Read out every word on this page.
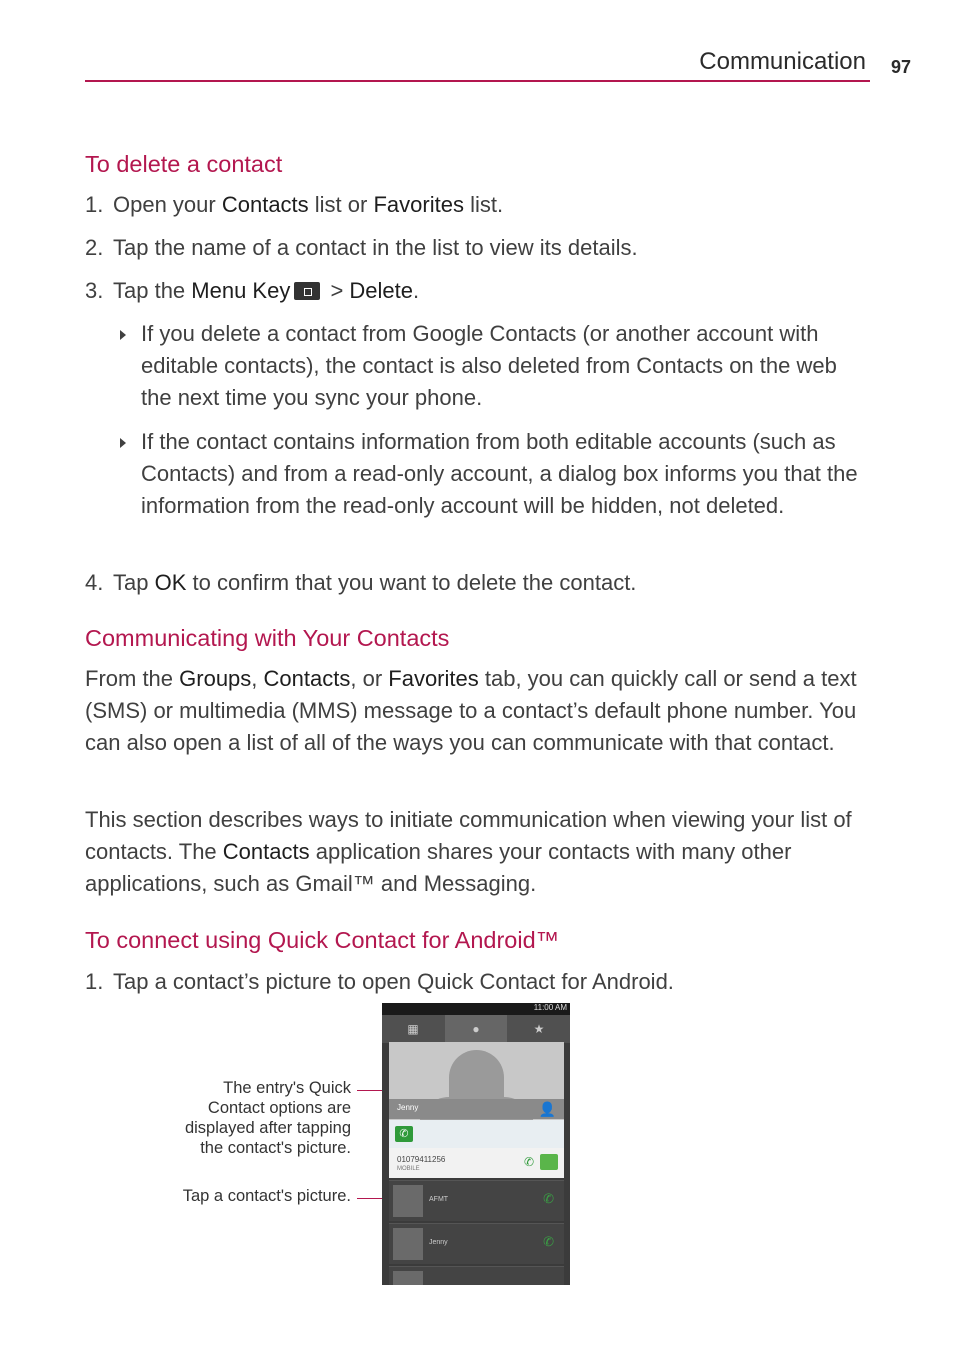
Communication 97
To delete a contact
1. Open your Contacts list or Favorites list.
2. Tap the name of a contact in the list to view its details.
3. Tap the Menu Key > Delete.
If you delete a contact from Google Contacts (or another account with editable contacts), the contact is also deleted from Contacts on the web the next time you sync your phone.
If the contact contains information from both editable accounts (such as Contacts) and from a read-only account, a dialog box informs you that the information from the read-only account will be hidden, not deleted.
4. Tap OK to confirm that you want to delete the contact.
Communicating with Your Contacts
From the Groups, Contacts, or Favorites tab, you can quickly call or send a text (SMS) or multimedia (MMS) message to a contact’s default phone number. You can also open a list of all of the ways you can communicate with that contact.
This section describes ways to initiate communication when viewing your list of contacts. The Contacts application shares your contacts with many other applications, such as Gmail™ and Messaging.
To connect using Quick Contact for Android™
1. Tap a contact’s picture to open Quick Contact for Android.
The entry's Quick
Contact options are
displayed after tapping
the contact's picture.
Tap a contact's picture.
11:00 AM
▦	●	★
Jenny	👤
✆
01079411256
MOBILE	✆
AFMT	✆
Jenny	✆
